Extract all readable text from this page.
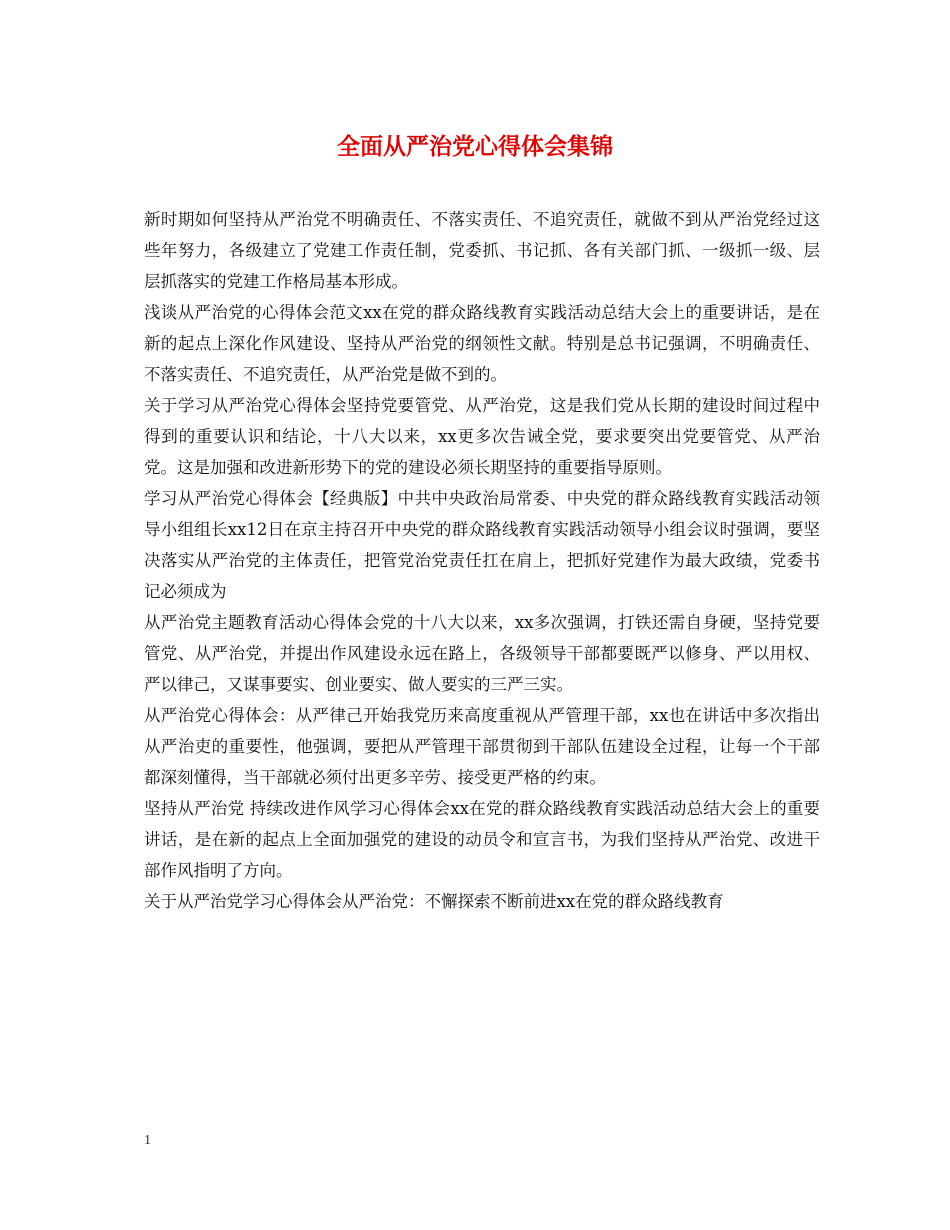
全面从严治党心得体会集锦

新时期如何坚持从严治党不明确责任、不落实责任、不追究责任，就做不到从严治党经过这些年努力，各级建立了党建工作责任制，党委抓、书记抓、各有关部门抓、一级抓一级、层层抓落实的党建工作格局基本形成。

浅谈从严治党的心得体会范文xx在党的群众路线教育实践活动总结大会上的重要讲话，是在新的起点上深化作风建设、坚持从严治党的纲领性文献。特别是总书记强调，不明确责任、不落实责任、不追究责任，从严治党是做不到的。

关于学习从严治党心得体会坚持党要管党、从严治党，这是我们党从长期的建设时间过程中得到的重要认识和结论，十八大以来，xx更多次告诫全党，要求要突出党要管党、从严治党。这是加强和改进新形势下的党的建设必须长期坚持的重要指导原则。

学习从严治党心得体会【经典版】中共中央政治局常委、中央党的群众路线教育实践活动领导小组组长xx12日在京主持召开中央党的群众路线教育实践活动领导小组会议时强调，要坚决落实从严治党的主体责任，把管党治党责任扛在肩上，把抓好党建作为最大政绩，党委书记必须成为

从严治党主题教育活动心得体会党的十八大以来，xx多次强调，打铁还需自身硬，坚持党要管党、从严治党，并提出作风建设永远在路上，各级领导干部都要既严以修身、严以用权、严以律己，又谋事要实、创业要实、做人要实的三严三实。

从严治党心得体会：从严律己开始我党历来高度重视从严管理干部，xx也在讲话中多次指出从严治吏的重要性，他强调，要把从严管理干部贯彻到干部队伍建设全过程，让每一个干部都深刻懂得，当干部就必须付出更多辛劳、接受更严格的约束。

坚持从严治党 持续改进作风学习心得体会xx在党的群众路线教育实践活动总结大会上的重要讲话，是在新的起点上全面加强党的建设的动员令和宣言书，为我们坚持从严治党、改进干部作风指明了方向。

关于从严治党学习心得体会从严治党：不懈探索不断前进xx在党的群众路线教育

1
